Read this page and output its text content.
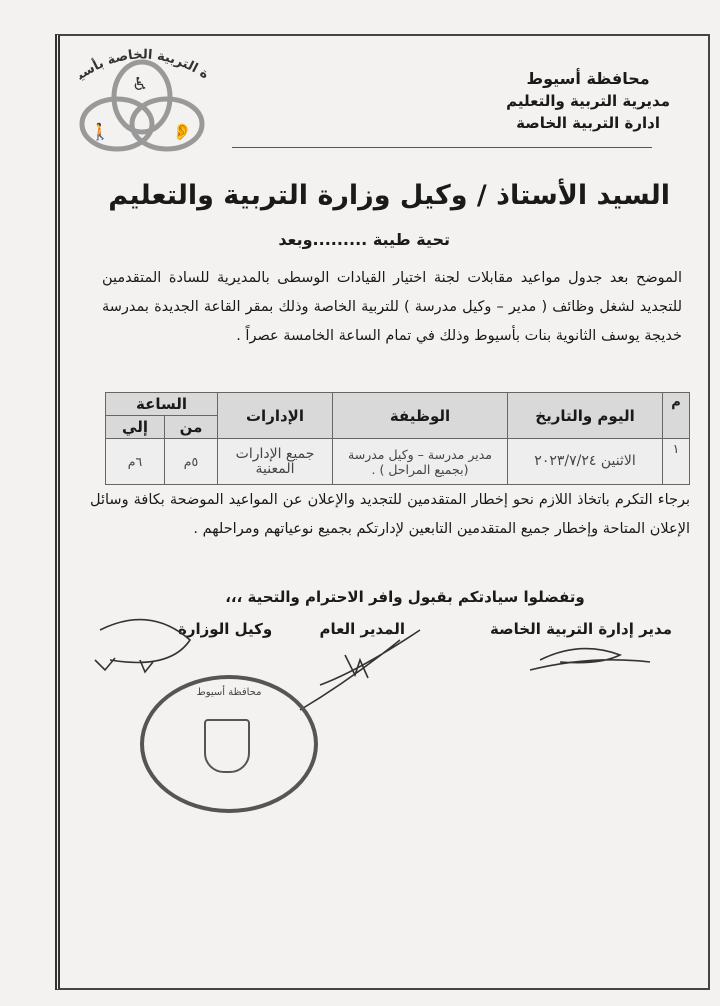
ة التربية الخاصة بأسي	♿
🚶	👂
محافظة أسيوط
مديرية التربية والتعليم
ادارة التربية الخاصة
السيد الأستاذ / وكيل وزارة التربية والتعليم
تحية طيبة .........وبعد
الموضح بعد جدول مواعيد مقابلات لجنة اختيار القيادات الوسطى بالمديرية للسادة المتقدمين للتجديد لشغل وظائف ( مدير – وكيل مدرسة ) للتربية الخاصة وذلك بمقر القاعة الجديدة بمدرسة خديجة يوسف الثانوية بنات بأسيوط وذلك في تمام الساعة الخامسة عصراً .
م	اليوم والتاريخ	الوظيفة	الإدارات	الساعة	
				من	إلي
١	الاثنين ٢٠٢٣/٧/٢٤	مدير مدرسة – وكيل مدرسة (بجميع المراحل ) .	جميع الإدارات المعنية	٥م	٦م
برجاء التكرم باتخاذ اللازم نحو إخطار المتقدمين للتجديد والإعلان عن المواعيد الموضحة بكافة وسائل الإعلان المتاحة وإخطار جميع المتقدمين التابعين لإدارتكم بجميع نوعياتهم ومراحلهم .
وتفضلوا سيادتكم بقبول وافر الاحترام والتحية ،،،
مدير إدارة التربية الخاصة
المدير العام
وكيل الوزارة
محافظة أسيوط
